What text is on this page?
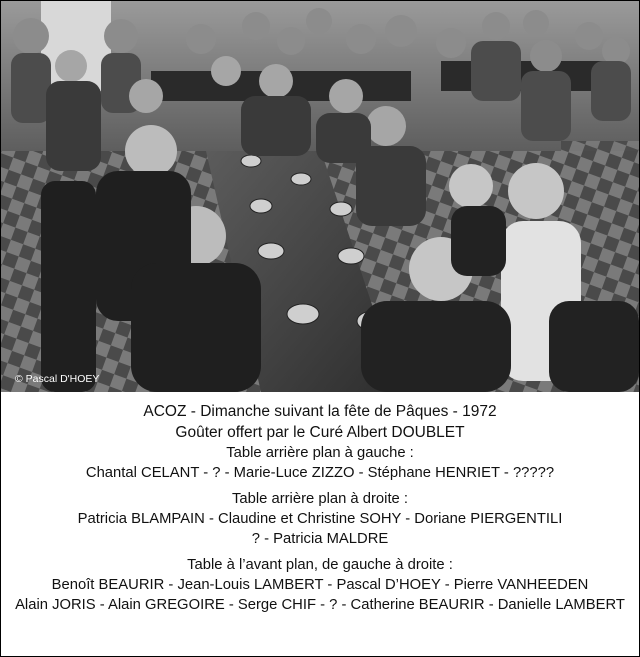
© Pascal D'HOEY
ACOZ - Dimanche suivant la fête de Pâques - 1972
Goûter offert par le Curé Albert DOUBLET
Table arrière plan à gauche :
Chantal CELANT - ? - Marie-Luce ZIZZO - Stéphane HENRIET - ?????
Table arrière plan à droite :
Patricia BLAMPAIN - Claudine et Christine SOHY - Doriane PIERGENTILI
? - Patricia MALDRE
Table à l’avant plan, de gauche à droite :
Benoît BEAURIR - Jean-Louis LAMBERT - Pascal D’HOEY - Pierre VANHEEDEN
Alain JORIS - Alain GREGOIRE - Serge CHIF - ? - Catherine BEAURIR - Danielle LAMBERT
